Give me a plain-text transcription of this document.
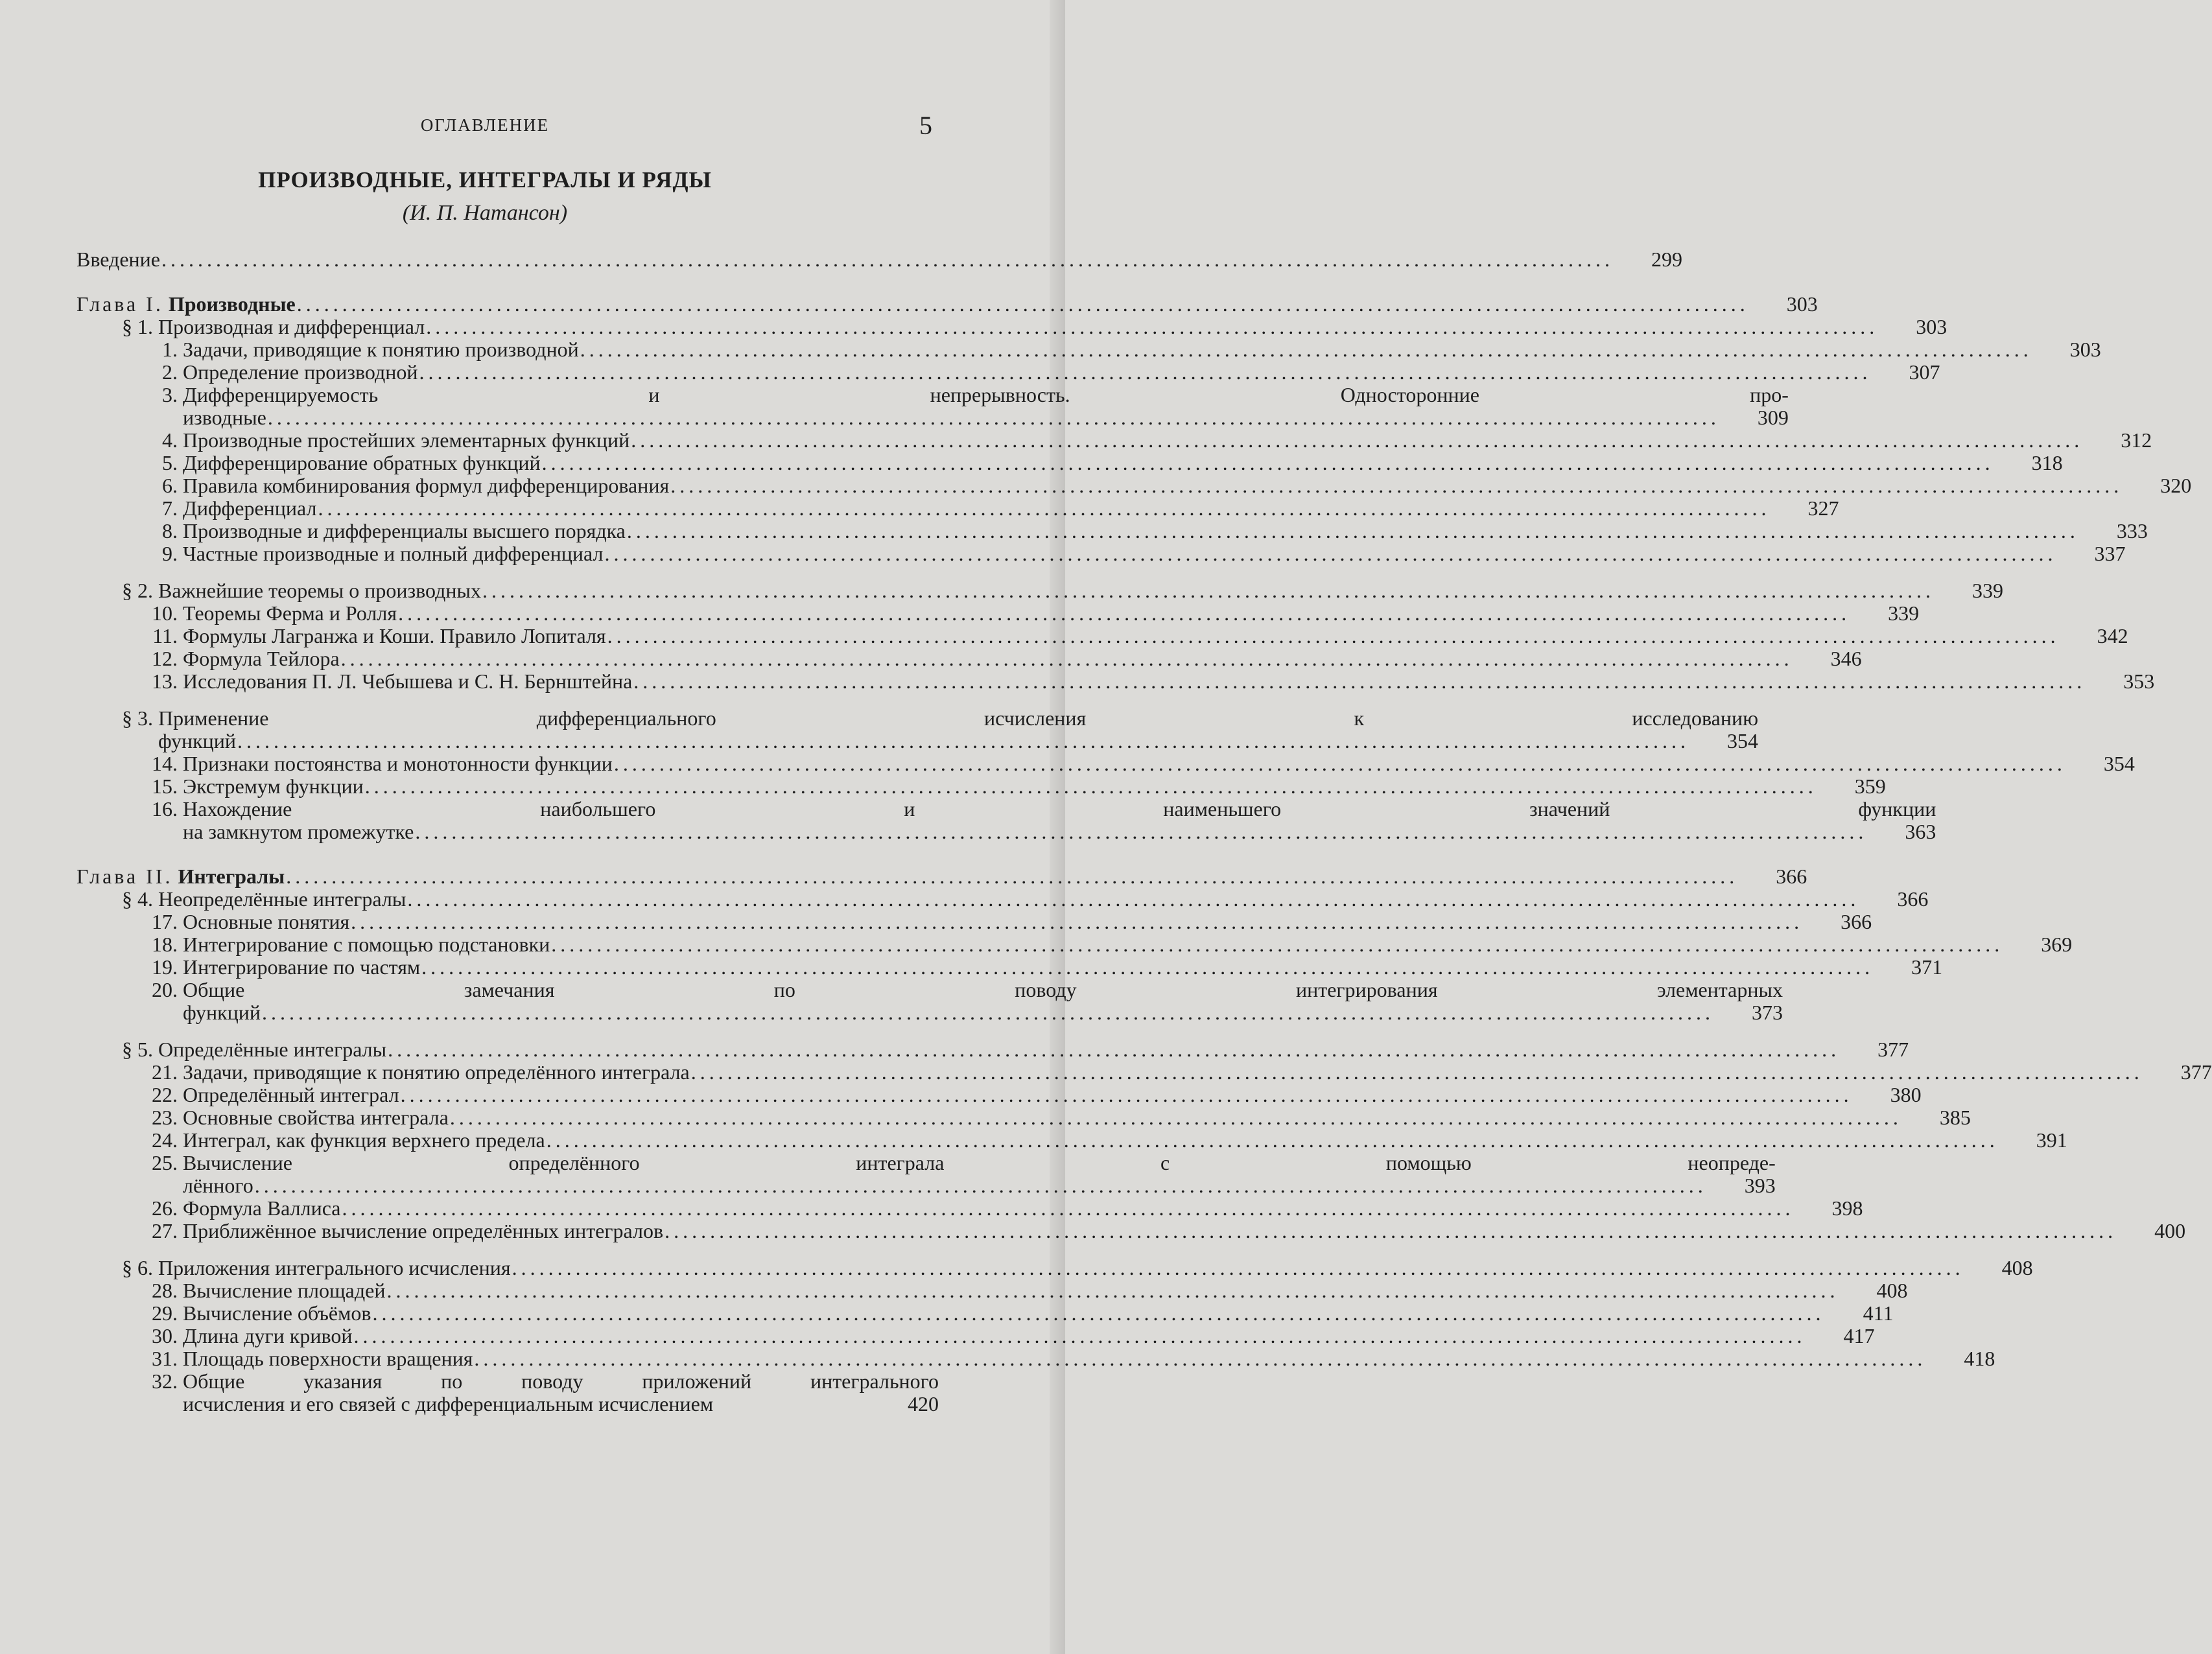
ОГЛАВЛЕНИЕ	5
ПРОИЗВОДНЫЕ, ИНТЕГРАЛЫ И РЯДЫ
(И. П. Натансон)
Введение ................................................................................................................................................................	299
Глава I. Производные ................................................................................................................................................................	303
§ 1. Производная и дифференциал ................................................................................................................................................................	303
1. Задачи, приводящие к понятию производной ................................................................................................................................................................	303
2. Определение производной ................................................................................................................................................................	307
3. Дифференцируемость и непрерывность. Односторонние про-
изводные ................................................................................................................................................................	309
4. Производные простейших элементарных функций ................................................................................................................................................................	312
5. Дифференцирование обратных функций ................................................................................................................................................................	318
6. Правила комбинирования формул дифференцирования ................................................................................................................................................................	320
7. Дифференциал ................................................................................................................................................................	327
8. Производные и дифференциалы высшего порядка ................................................................................................................................................................	333
9. Частные производные и полный дифференциал ................................................................................................................................................................	337
§ 2. Важнейшие теоремы о производных ................................................................................................................................................................	339
10. Теоремы Ферма и Ролля ................................................................................................................................................................	339
11. Формулы Лагранжа и Коши. Правило Лопиталя ................................................................................................................................................................	342
12. Формула Тейлора ................................................................................................................................................................	346
13. Исследования П. Л. Чебышева и С. Н. Бернштейна ................................................................................................................................................................	353
§ 3. Применение дифференциального исчисления к исследованию
функций ................................................................................................................................................................	354
14. Признаки постоянства и монотонности функции ................................................................................................................................................................	354
15. Экстремум функции ................................................................................................................................................................	359
16. Нахождение наибольшего и наименьшего значений функции
на замкнутом промежутке ................................................................................................................................................................	363
Глава II. Интегралы ................................................................................................................................................................	366
§ 4. Неопределённые интегралы ................................................................................................................................................................	366
17. Основные понятия ................................................................................................................................................................	366
18. Интегрирование с помощью подстановки ................................................................................................................................................................	369
19. Интегрирование по частям ................................................................................................................................................................	371
20. Общие замечания по поводу интегрирования элементарных
функций ................................................................................................................................................................	373
§ 5. Определённые интегралы ................................................................................................................................................................	377
21. Задачи, приводящие к понятию определённого интеграла ................................................................................................................................................................	377
22. Определённый интеграл ................................................................................................................................................................	380
23. Основные свойства интеграла ................................................................................................................................................................	385
24. Интеграл, как функция верхнего предела ................................................................................................................................................................	391
25. Вычисление определённого интеграла с помощью неопреде-
лённого ................................................................................................................................................................	393
26. Формула Валлиса ................................................................................................................................................................	398
27. Приближённое вычисление определённых интегралов ................................................................................................................................................................	400
§ 6. Приложения интегрального исчисления ................................................................................................................................................................	408
28. Вычисление площадей ................................................................................................................................................................	408
29. Вычисление объёмов ................................................................................................................................................................	411
30. Длина дуги кривой ................................................................................................................................................................	417
31. Площадь поверхности вращения ................................................................................................................................................................	418
32. Общие указания по поводу приложений интегрального
исчисления и его связей с дифференциальным исчислением	420
